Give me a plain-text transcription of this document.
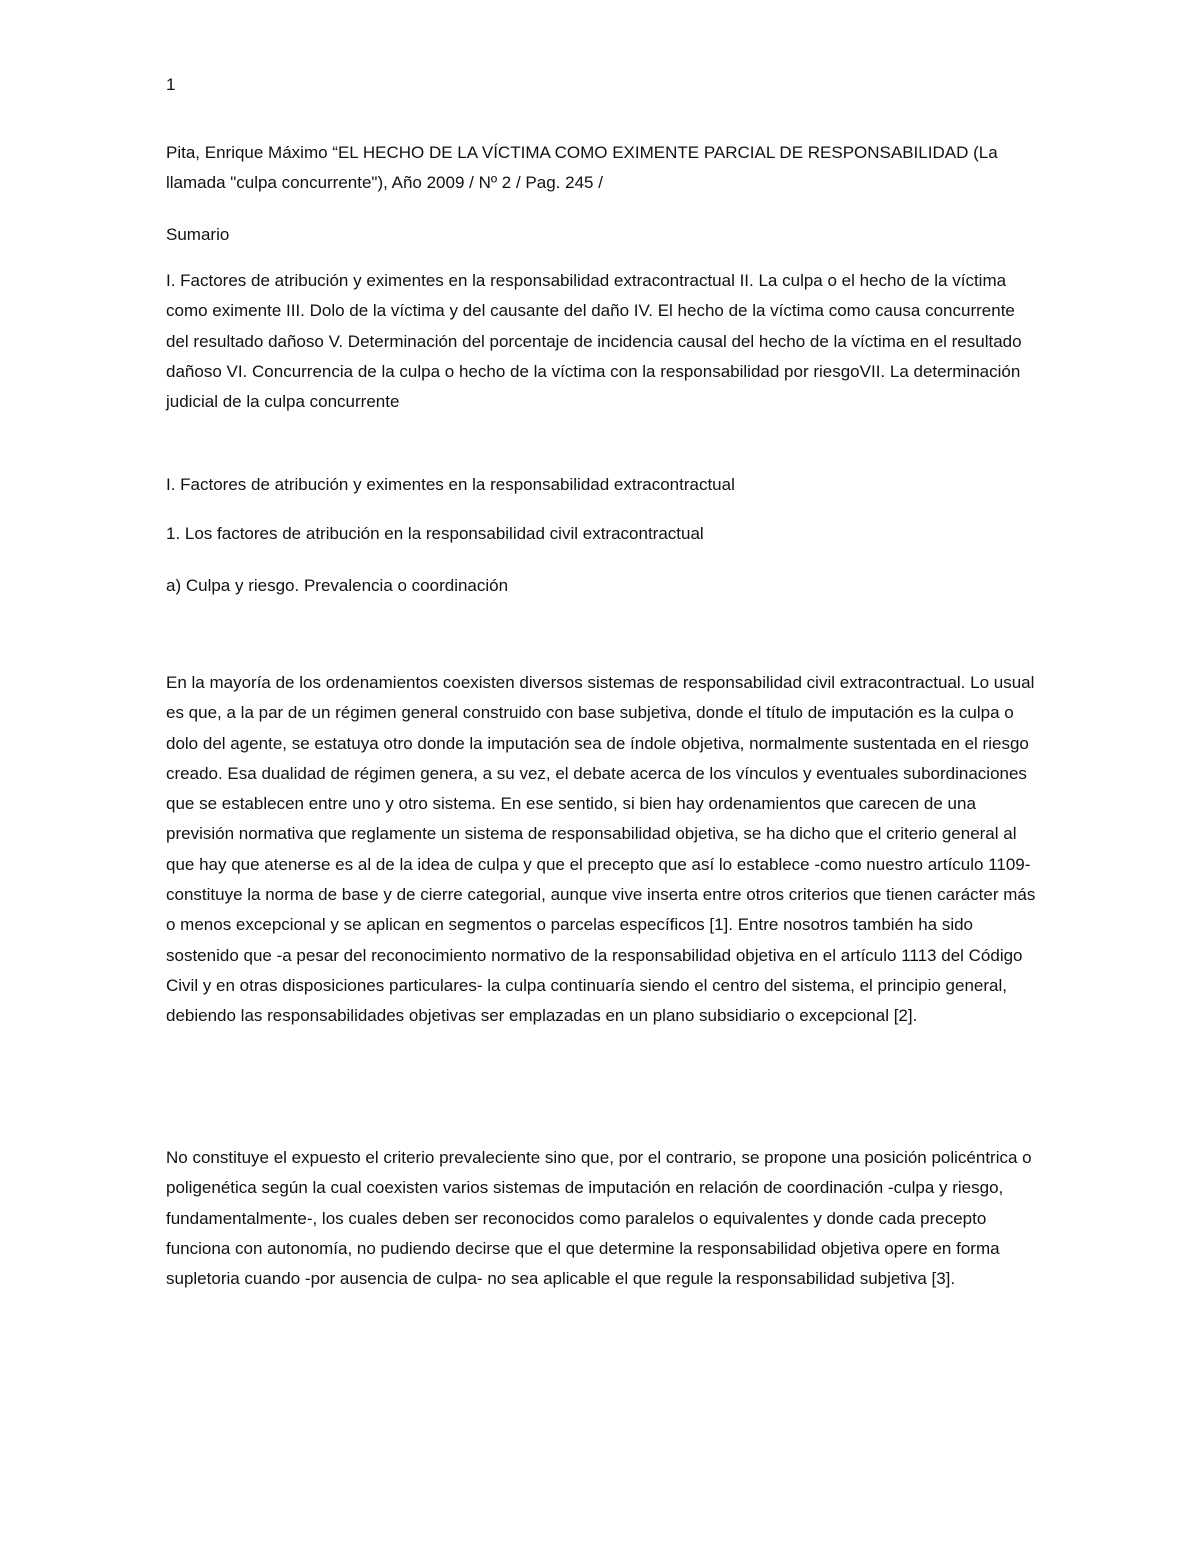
1

Pita, Enrique Máximo “EL HECHO DE LA VÍCTIMA COMO EXIMENTE PARCIAL DE RESPONSABILIDAD (La llamada "culpa concurrente"), Año 2009 / Nº 2 / Pag. 245 /

Sumario

I. Factores de atribución y eximentes en la responsabilidad extracontractual II. La culpa o el hecho de la víctima como eximente III. Dolo de la víctima y del causante del daño IV. El hecho de la víctima como causa concurrente del resultado dañoso V. Determinación del porcentaje de incidencia causal del hecho de la víctima en el resultado dañoso VI. Concurrencia de la culpa o hecho de la víctima con la responsabilidad por riesgoVII. La determinación judicial de la culpa concurrente

I. Factores de atribución y eximentes en la responsabilidad extracontractual

1. Los factores de atribución en la responsabilidad civil extracontractual

a) Culpa y riesgo. Prevalencia o coordinación

En la mayoría de los ordenamientos coexisten diversos sistemas de responsabilidad civil extracontractual. Lo usual es que, a la par de un régimen general construido con base subjetiva, donde el título de imputación es la culpa o dolo del agente, se estatuya otro donde la imputación sea de índole objetiva, normalmente sustentada en el riesgo creado. Esa dualidad de régimen genera, a su vez, el debate acerca de los vínculos y eventuales subordinaciones que se establecen entre uno y otro sistema. En ese sentido, si bien hay ordenamientos que carecen de una previsión normativa que reglamente un sistema de responsabilidad objetiva, se ha dicho que el criterio general al que hay que atenerse es al de la idea de culpa y que el precepto que así lo establece -como nuestro artículo 1109- constituye la norma de base y de cierre categorial, aunque vive inserta entre otros criterios que tienen carácter más o menos excepcional y se aplican en segmentos o parcelas específicos [1]. Entre nosotros también ha sido sostenido que -a pesar del reconocimiento normativo de la responsabilidad objetiva en el artículo 1113 del Código Civil y en otras disposiciones particulares- la culpa continuaría siendo el centro del sistema, el principio general, debiendo las responsabilidades objetivas ser emplazadas en un plano subsidiario o excepcional [2].

No constituye el expuesto el criterio prevaleciente sino que, por el contrario, se propone una posición policéntrica o poligenética según la cual coexisten varios sistemas de imputación en relación de coordinación -culpa y riesgo, fundamentalmente-, los cuales deben ser reconocidos como paralelos o equivalentes y donde cada precepto funciona con autonomía, no pudiendo decirse que el que determine la responsabilidad objetiva opere en forma supletoria cuando -por ausencia de culpa- no sea aplicable el que regule la responsabilidad subjetiva [3].
